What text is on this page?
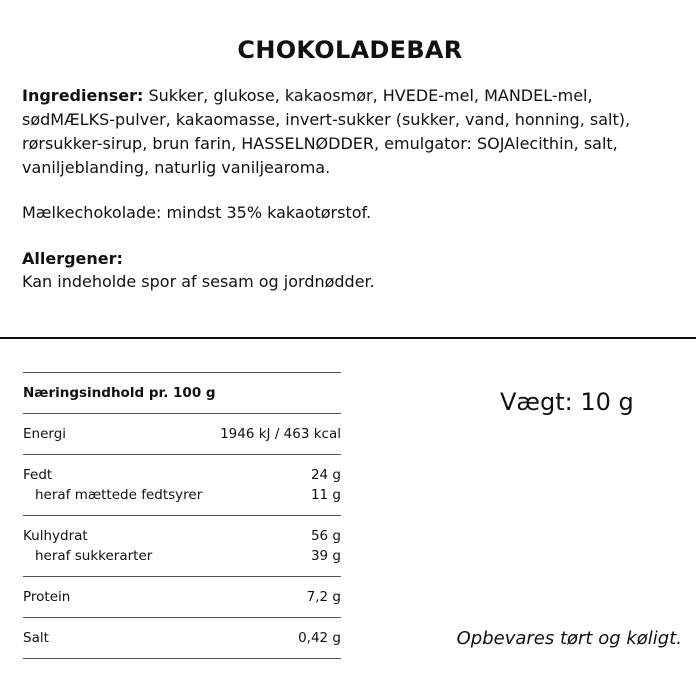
CHOKOLADEBAR
Ingredienser: Sukker, glukose, kakaosmør, HVEDE-mel, MANDEL-mel, sødMÆLKS-pulver, kakaomasse, invert-sukker (sukker, vand, honning, salt), rørsukker-sirup, brun farin, HASSELNØDDER, emulgator: SOJAlecithin, salt, vaniljeblanding, naturlig vaniljearoma.
Mælkechokolade: mindst 35% kakaotørstof.
Allergener:
Kan indeholde spor af sesam og jordnødder.
Næringsindhold pr. 100 g
Energi	1946 kJ / 463 kcal
Fedt	24 g
heraf mættede fedtsyrer	11 g
Kulhydrat	56 g
heraf sukkerarter	39 g
Protein	7,2 g
Salt	0,42 g
Vægt: 10 g
Opbevares tørt og køligt.
